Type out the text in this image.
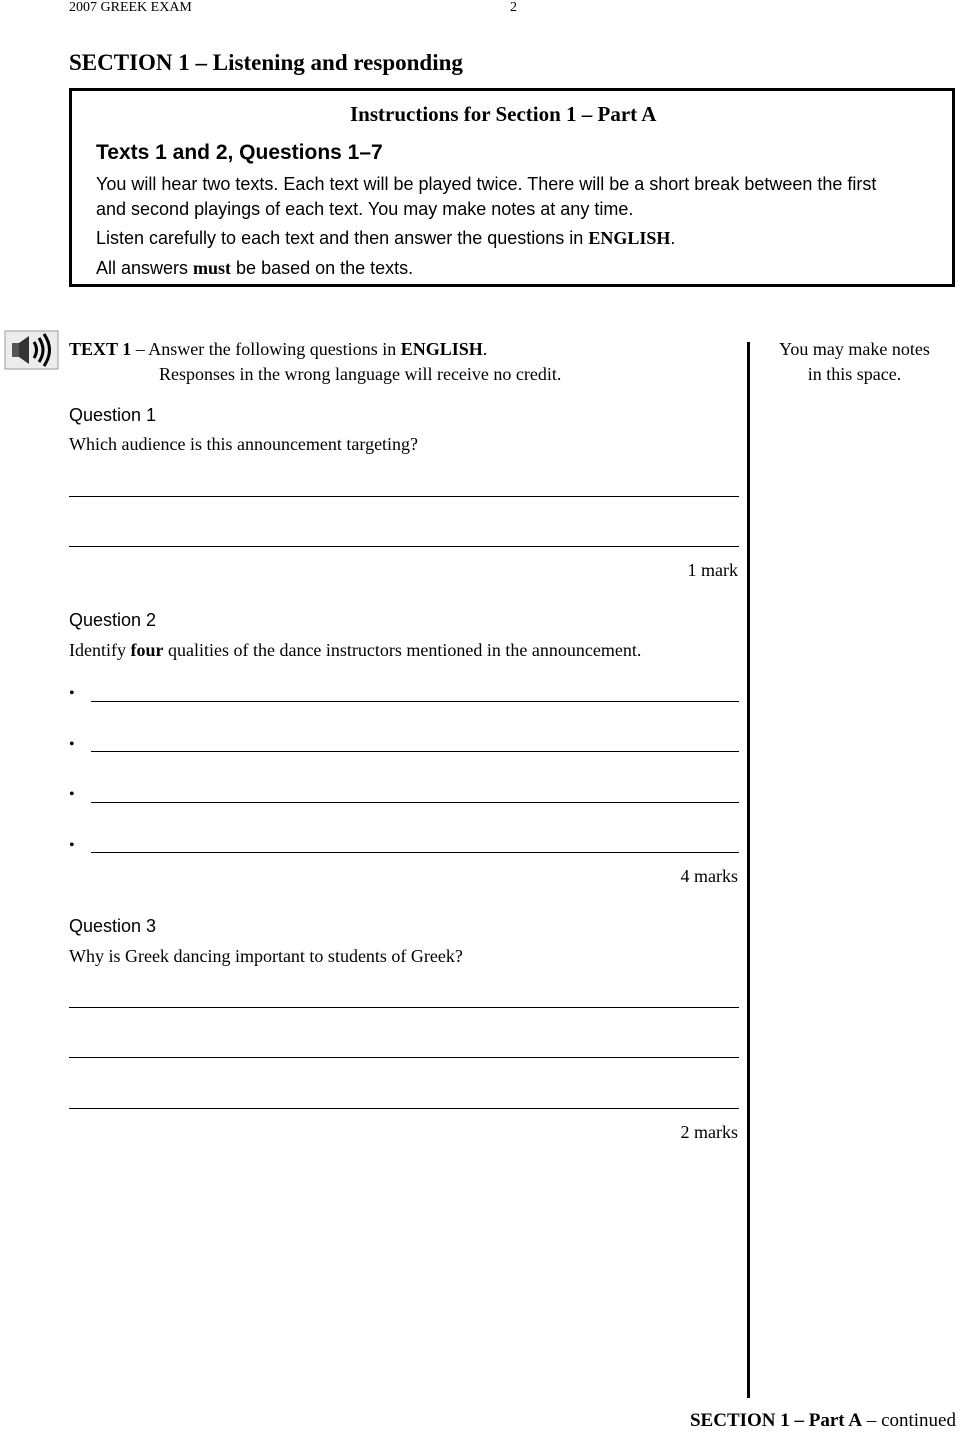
2007 GREEK EXAM	2
SECTION 1 – Listening and responding
Instructions for Section 1 – Part A
Texts 1 and 2, Questions 1–7
You will hear two texts. Each text will be played twice. There will be a short break between the first
and second playings of each text. You may make notes at any time.
Listen carefully to each text and then answer the questions in ENGLISH.
All answers must be based on the texts.
TEXT 1 – Answer the following questions in ENGLISH.
Responses in the wrong language will receive no credit.
You may make notes
in this space.
Question 1
Which audience is this announcement targeting?
1 mark
Question 2
Identify four qualities of the dance instructors mentioned in the announcement.
•
•
•
•
4 marks
Question 3
Why is Greek dancing important to students of Greek?
2 marks
SECTION 1 – Part A – continued
